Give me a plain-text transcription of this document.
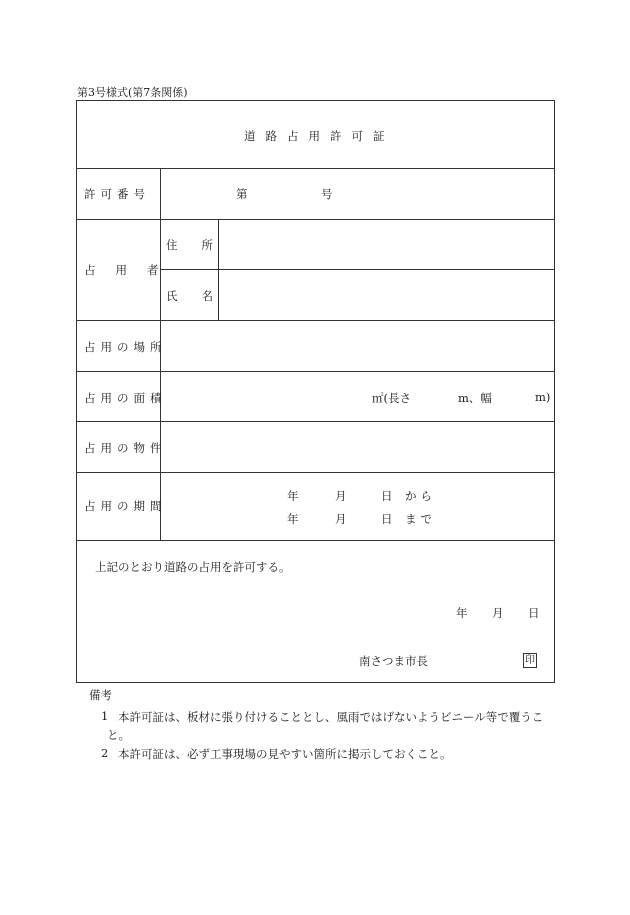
第3号様式(第7条関係)
道路占用許可証
許可番号	第	号
占用者
住所
氏名
占用の場所
占用の面積	㎡(長さ	m、幅	m)
占用の物件
占用の期間
年	月	日 から
年	月	日 まで
上記のとおり道路の占用を許可する。
年 月 日
南さつま市長	印
備考
1 本許可証は、板材に張り付けることとし、風雨ではげないようビニール等で覆うこ
と。
2 本許可証は、必ず工事現場の見やすい箇所に掲示しておくこと。
